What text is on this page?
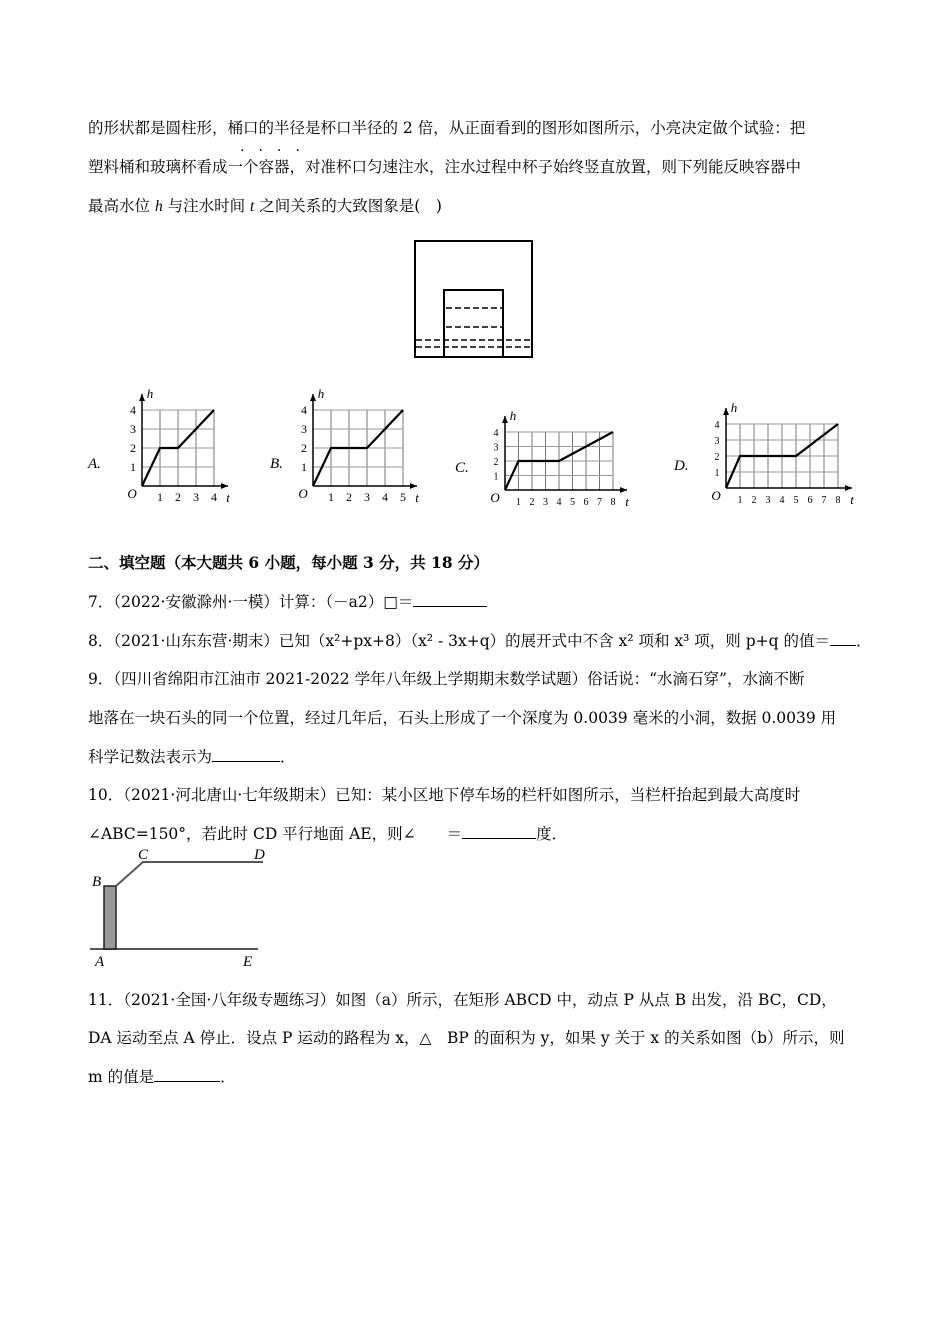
的形状都是圆柱形，桶口的半径是杯口半径的 2 倍，从正面看到的图形如图所示，小亮决定做个试验：把
.　.　.　.
塑料桶和玻璃杯看成一个容器，对准杯口匀速注水，注水过程中杯子始终竖直放置，则下列能反映容器中
最高水位 h 与注水时间 t 之间关系的大致图象是(　)
二、填空题（本大题共 6 小题，每小题 3 分，共 18 分）
7．（2022·安徽滁州·一模）计算：（－a2）□＝
8．（2021·山东东营·期末）已知（x²+px+8）（x² - 3x+q）的展开式中不含 x² 项和 x³ 项，则 p+q 的值＝ ．
9．（四川省绵阳市江油市 2021-2022 学年八年级上学期期末数学试题）俗话说：“水滴石穿”，水滴不断
地落在一块石头的同一个位置，经过几年后，石头上形成了一个深度为 0.0039 毫米的小洞，数据 0.0039 用
科学记数法表示为	．
10．（2021·河北唐山·七年级期末）已知：某小区地下停车场的栏杆如图所示，当栏杆抬起到最大高度时
∠ABC=150°，若此时 CD 平行地面 AE，则∠　　＝	度．
A
B
C	D
E
11．（2021·全国·八年级专题练习）如图（a）所示，在矩形 ABCD 中，动点 P 从点 B 出发，沿 BC，CD，
DA 运动至点 A 停止．设点 P 运动的路程为 x，△　BP 的面积为 y，如果 y 关于 x 的关系如图（b）所示，则
m 的值是	．
A.
1 2 3 4
1
2
3
4
O	t
h
B.
1 2 3 4 5
1
2
3
4
O	t
h
C.
1 2 3 4 5 6 7 8
1
2
3
4
O	t
h
D.
1 2 3 4 5 6 7 8
1
2
3
4
O	t
h
